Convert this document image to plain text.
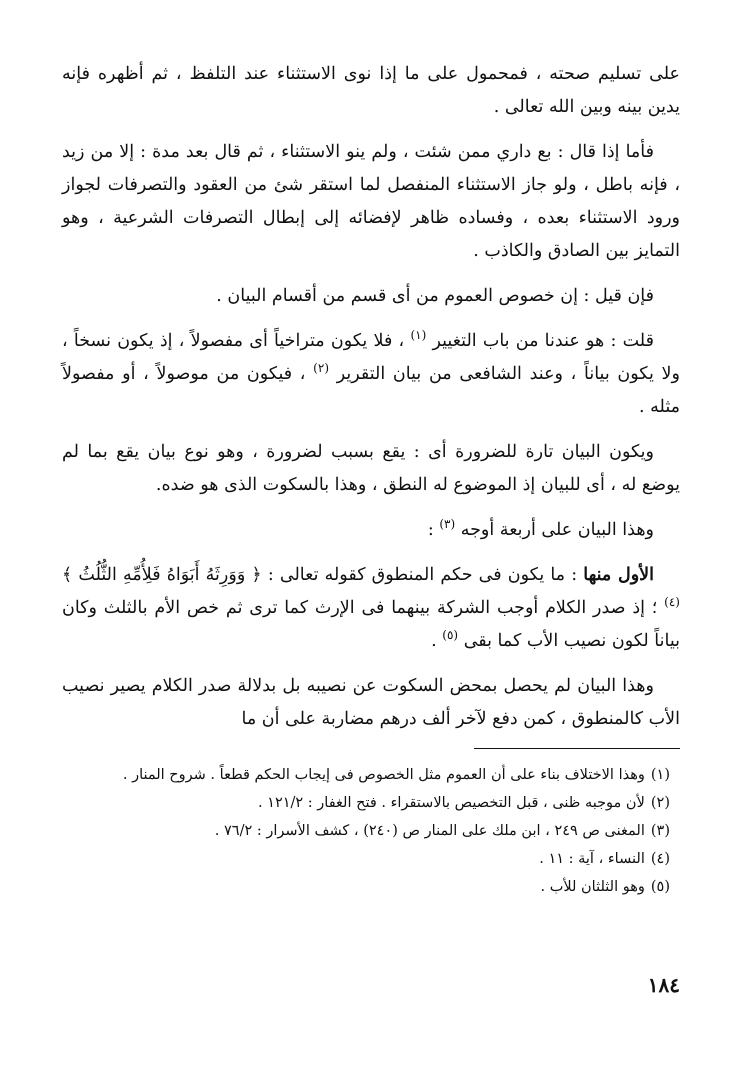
على تسليم صحته ، فمحمول على ما إذا نوى الاستثناء عند التلفظ ، ثم أظهره فإنه يدين بينه وبين الله تعالى .

فأما إذا قال : بع داري ممن شئت ، ولم ينو الاستثناء ، ثم قال بعد مدة : إلا من زيد ، فإنه باطل ، ولو جاز الاستثناء المنفصل لما استقر شئ من العقود والتصرفات لجواز ورود الاستثناء بعده ، وفساده ظاهر لإفضائه إلى إبطال التصرفات الشرعية ، وهو التمايز بين الصادق والكاذب .

فإن قيل : إن خصوص العموم من أى قسم من أقسام البيان .

قلت : هو عندنا من باب التغيير $^{(١)}$ ، فلا يكون متراخياً أى مفصولاً ، إذ يكون نسخاً ، ولا يكون بياناً ، وعند الشافعى من بيان التقرير $^{(٢)}$ ، فيكون من موصولاً ، أو مفصولاً مثله .

ويكون البيان تارة للضرورة أى : يقع بسبب لضرورة ، وهو نوع بيان يقع بما لم يوضع له ، أى للبيان إذ الموضوع له النطق ، وهذا بالسكوت الذى هو ضده.

وهذا البيان على أربعة أوجه $^{(٣)}$ :

الأول منها : ما يكون فى حكم المنطوق كقوله تعالى : ﴿ وَوَرِثَهُ أَبَوَاهُ فَلِأُمِّهِ الثُّلُثُ ﴾ $^{(٤)}$ ؛ إذ صدر الكلام أوجب الشركة بينهما فى الإرث كما ترى ثم خص الأم بالثلث وكان بياناً لكون نصيب الأب كما بقى $^{(٥)}$ .

وهذا البيان لم يحصل بمحض السكوت عن نصيبه بل بدلالة صدر الكلام يصير نصيب الأب كالمنطوق ، كمن دفع لآخر ألف درهم مضاربة على أن ما

(١)وهذا الاختلاف بناء على أن العموم مثل الخصوص فى إيجاب الحكم قطعاً . شروح المنار .

(٢)لأن موجبه ظنى ، قبل التخصيص بالاستقراء . فتح الغفار : ١٢١/٢ .

(٣)المغنى ص ٢٤٩ ، ابن ملك على المنار ص (٢٤٠) ، كشف الأسرار : ٧٦/٢ .

(٤)النساء ، آية : ١١ .

(٥)وهو الثلثان للأب .

١٨٤
